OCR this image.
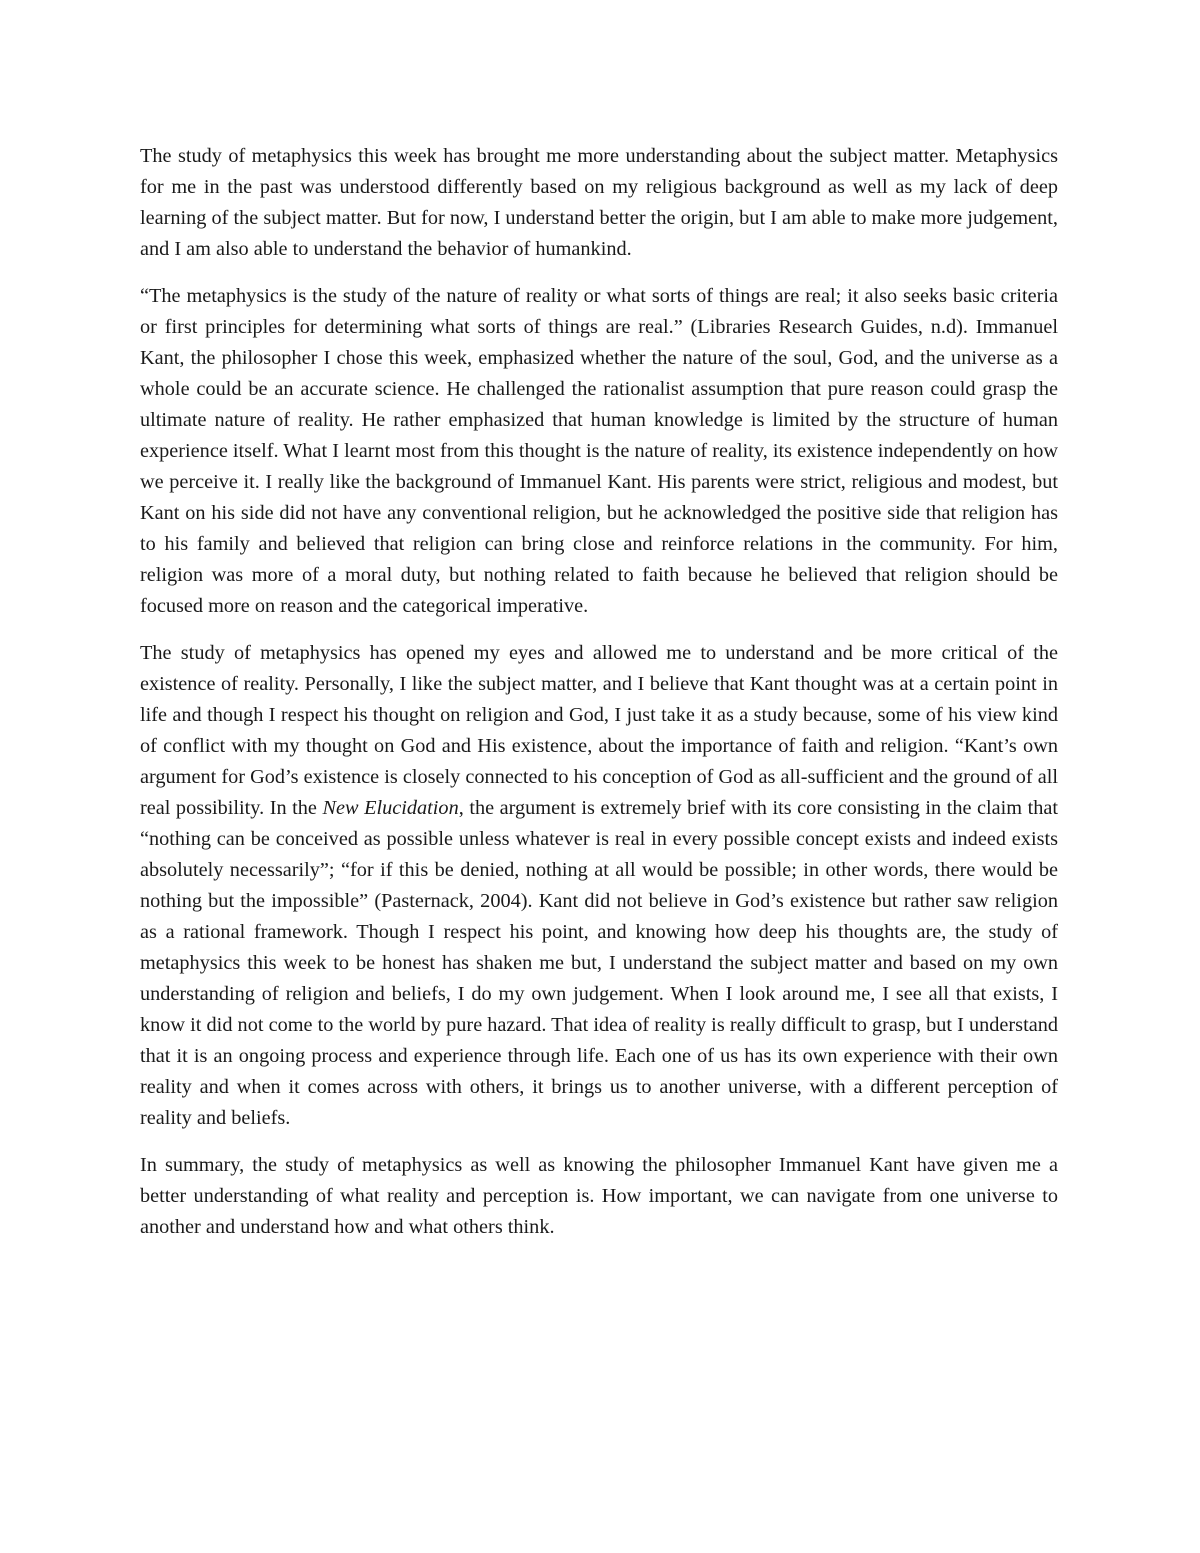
The study of metaphysics this week has brought me more understanding about the subject matter. Metaphysics for me in the past was understood differently based on my religious background as well as my lack of deep learning of the subject matter. But for now, I understand better the origin, but I am able to make more judgement, and I am also able to understand the behavior of humankind.

“The metaphysics is the study of the nature of reality or what sorts of things are real; it also seeks basic criteria or first principles for determining what sorts of things are real.” (Libraries Research Guides, n.d). Immanuel Kant, the philosopher I chose this week, emphasized whether the nature of the soul, God, and the universe as a whole could be an accurate science. He challenged the rationalist assumption that pure reason could grasp the ultimate nature of reality. He rather emphasized that human knowledge is limited by the structure of human experience itself. What I learnt most from this thought is the nature of reality, its existence independently on how we perceive it. I really like the background of Immanuel Kant. His parents were strict, religious and modest, but Kant on his side did not have any conventional religion, but he acknowledged the positive side that religion has to his family and believed that religion can bring close and reinforce relations in the community. For him, religion was more of a moral duty, but nothing related to faith because he believed that religion should be focused more on reason and the categorical imperative.

The study of metaphysics has opened my eyes and allowed me to understand and be more critical of the existence of reality. Personally, I like the subject matter, and I believe that Kant thought was at a certain point in life and though I respect his thought on religion and God, I just take it as a study because, some of his view kind of conflict with my thought on God and His existence, about the importance of faith and religion. “Kant’s own argument for God’s existence is closely connected to his conception of God as all-sufficient and the ground of all real possibility. In the New Elucidation, the argument is extremely brief with its core consisting in the claim that “nothing can be conceived as possible unless whatever is real in every possible concept exists and indeed exists absolutely necessarily”; “for if this be denied, nothing at all would be possible; in other words, there would be nothing but the impossible” (Pasternack, 2004). Kant did not believe in God’s existence but rather saw religion as a rational framework. Though I respect his point, and knowing how deep his thoughts are, the study of metaphysics this week to be honest has shaken me but, I understand the subject matter and based on my own understanding of religion and beliefs, I do my own judgement. When I look around me, I see all that exists, I know it did not come to the world by pure hazard. That idea of reality is really difficult to grasp, but I understand that it is an ongoing process and experience through life. Each one of us has its own experience with their own reality and when it comes across with others, it brings us to another universe, with a different perception of reality and beliefs.

In summary, the study of metaphysics as well as knowing the philosopher Immanuel Kant have given me a better understanding of what reality and perception is. How important, we can navigate from one universe to another and understand how and what others think.
